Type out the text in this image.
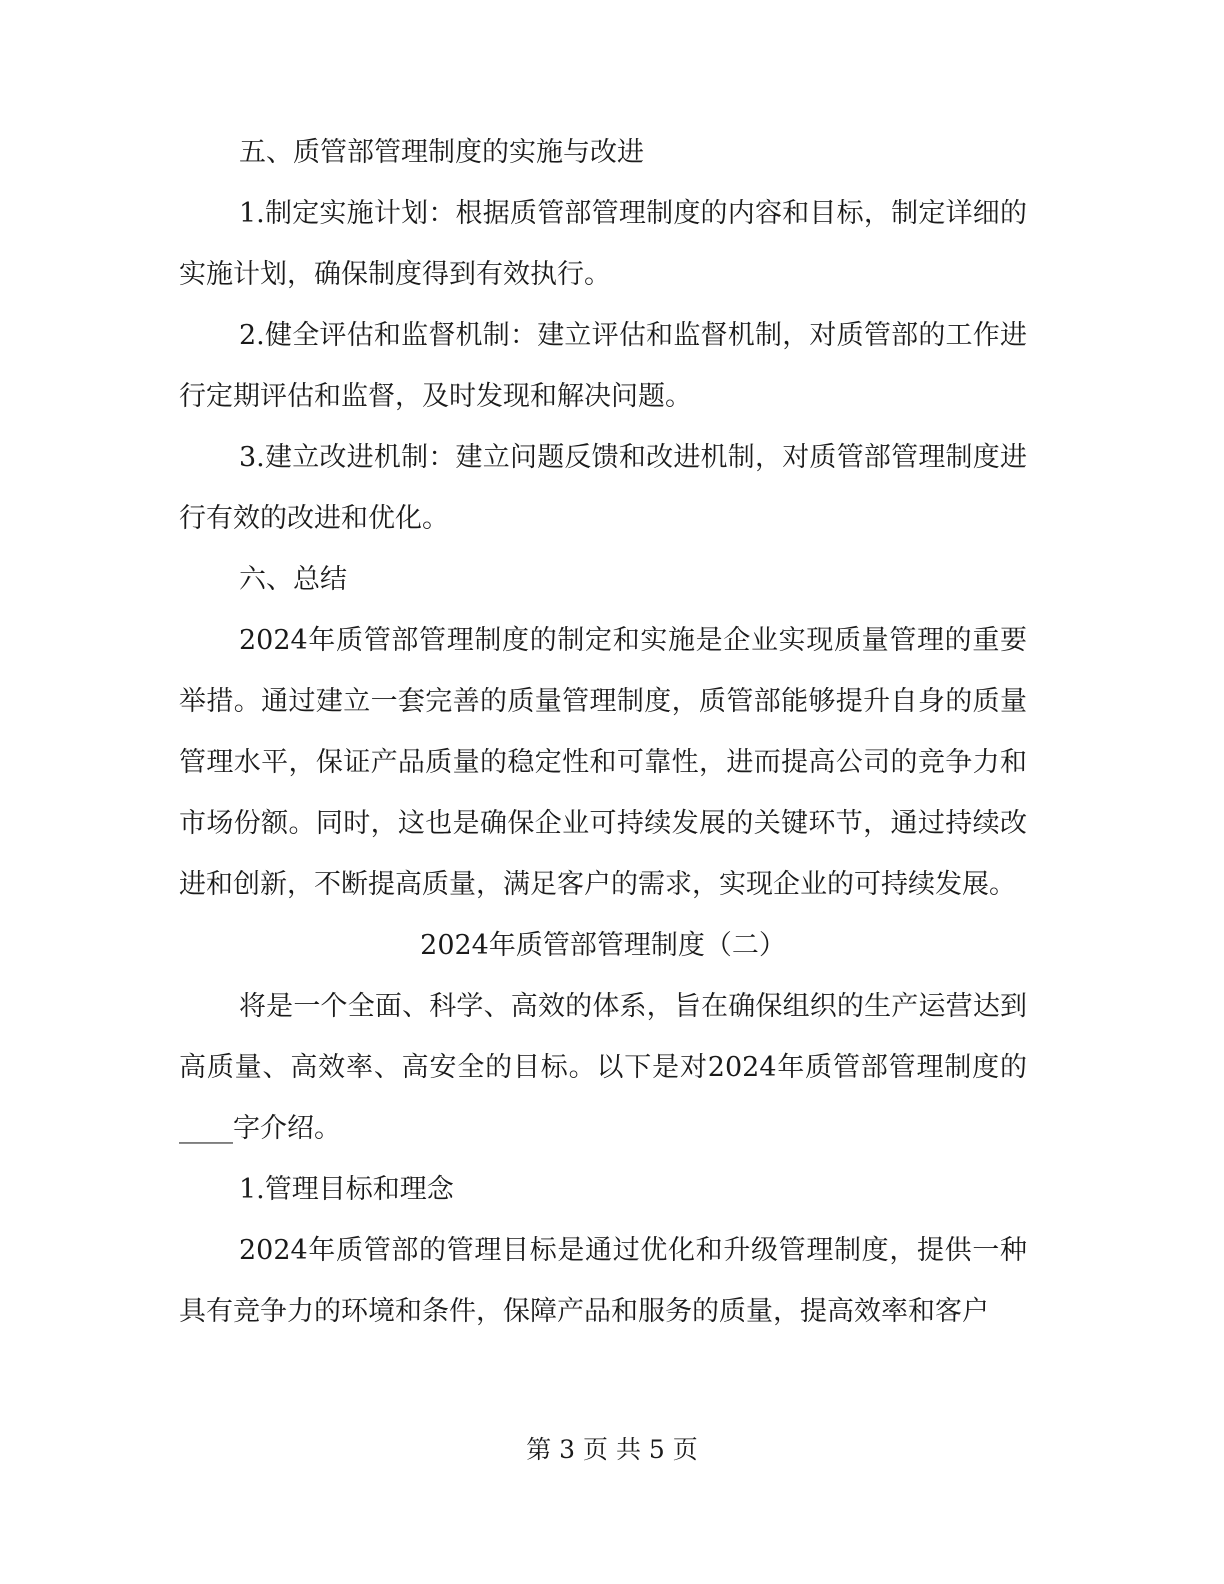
五、质管部管理制度的实施与改进

1.制定实施计划：根据质管部管理制度的内容和目标，制定详细的实施计划，确保制度得到有效执行。

2.健全评估和监督机制：建立评估和监督机制，对质管部的工作进行定期评估和监督，及时发现和解决问题。

3.建立改进机制：建立问题反馈和改进机制，对质管部管理制度进行有效的改进和优化。

六、总结

2024年质管部管理制度的制定和实施是企业实现质量管理的重要举措。通过建立一套完善的质量管理制度，质管部能够提升自身的质量管理水平，保证产品质量的稳定性和可靠性，进而提高公司的竞争力和市场份额。同时，这也是确保企业可持续发展的关键环节，通过持续改进和创新，不断提高质量，满足客户的需求，实现企业的可持续发展。

2024年质管部管理制度（二）

将是一个全面、科学、高效的体系，旨在确保组织的生产运营达到高质量、高效率、高安全的目标。以下是对2024年质管部管理制度的____字介绍。

1.管理目标和理念

2024年质管部的管理目标是通过优化和升级管理制度，提供一种具有竞争力的环境和条件，保障产品和服务的质量，提高效率和客户

第 3 页 共 5 页
